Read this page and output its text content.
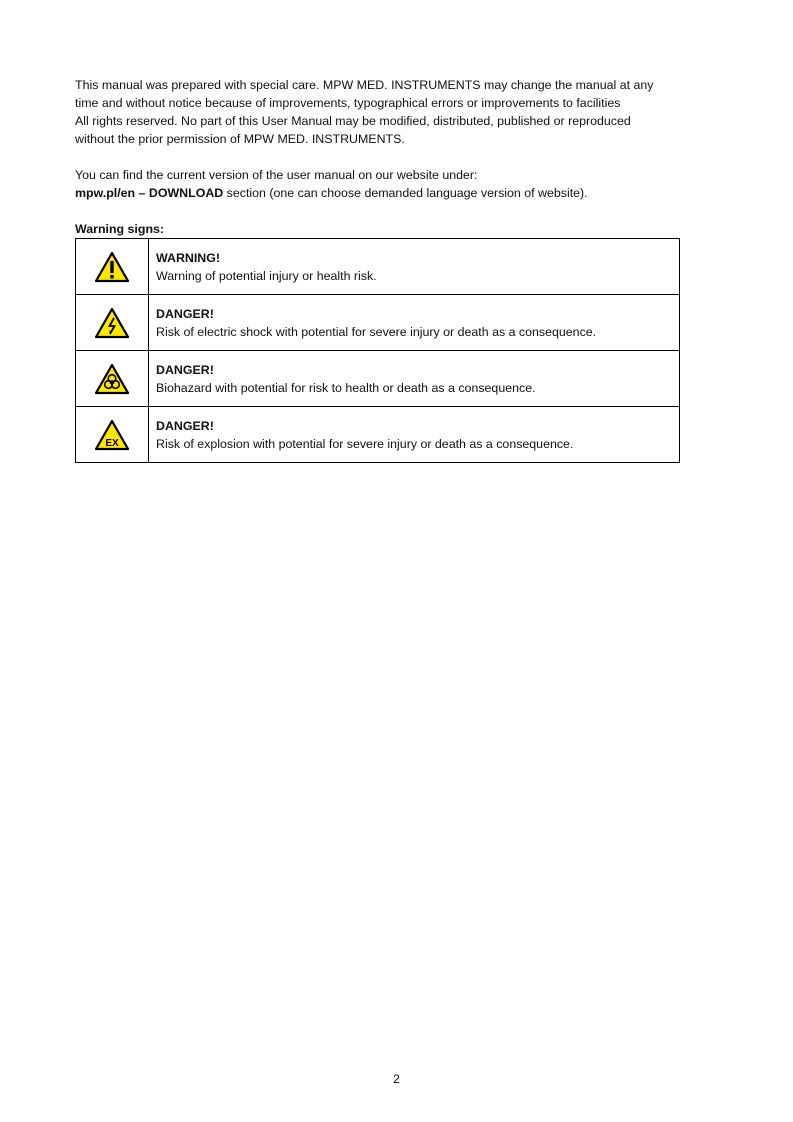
This manual was prepared with special care. MPW MED. INSTRUMENTS may change the manual at any
time and without notice because of improvements, typographical errors or improvements to facilities
All rights reserved. No part of this User Manual may be modified, distributed, published or reproduced
without the prior permission of MPW MED. INSTRUMENTS.

You can find the current version of the user manual on our website under:
mpw.pl/en – DOWNLOAD section (one can choose demanded language version of website).

Warning signs:

WARNING!
Warning of potential injury or health risk.

DANGER!
Risk of electric shock with potential for severe injury or death as a consequence.

DANGER!
Biohazard with potential for risk to health or death as a consequence.

EX	DANGER!
Risk of explosion with potential for severe injury or death as a consequence.
2
